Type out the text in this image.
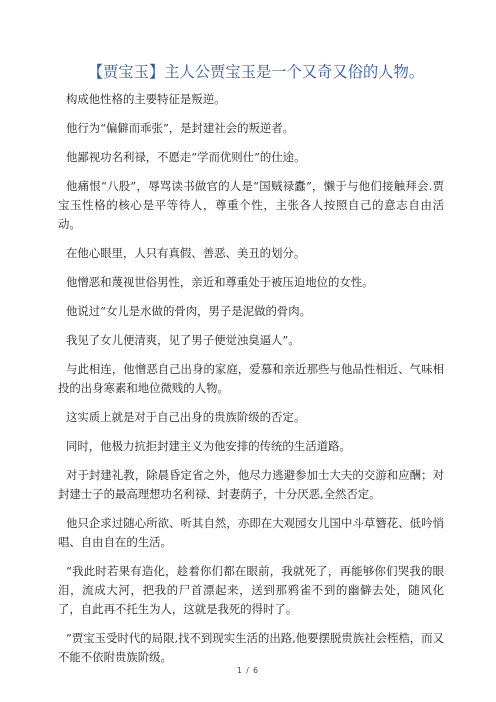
【贾宝玉】主人公贾宝玉是一个又奇又俗的人物。

构成他性格的主要特征是叛逆。

他行为“偏僻而乖张”，是封建社会的叛逆者。

他鄙视功名利禄，不愿走“学而优则仕”的仕途。

他痛恨“八股”，辱骂读书做官的人是“国贼禄蠹”，懒于与他们接触拜会.贾宝玉性格的核心是平等待人，尊重个性，主张各人按照自己的意志自由活动。

在他心眼里，人只有真假、善恶、美丑的划分。

他憎恶和蔑视世俗男性，亲近和尊重处于被压迫地位的女性。

他说过“女儿是水做的骨肉，男子是泥做的骨肉。

我见了女儿便清爽，见了男子便觉浊臭逼人”。

与此相连，他憎恶自己出身的家庭，爱慕和亲近那些与他品性相近、气味相投的出身寒素和地位微贱的人物。

这实质上就是对于自己出身的贵族阶级的否定。

同时，他极力抗拒封建主义为他安排的传统的生活道路。

对于封建礼教，除晨昏定省之外，他尽力逃避参加士大夫的交游和应酬；对封建士子的最高理想功名利禄、封妻荫子，十分厌恶,全然否定。

他只企求过随心所欲、听其自然，亦即在大观园女儿国中斗草簪花、低吟悄唱、自由自在的生活。

“我此时若果有造化，趁着你们都在眼前，我就死了，再能够你们哭我的眼泪，流成大河，把我的尸首漂起来，送到那鸦雀不到的幽僻去处，随风化了，自此再不托生为人，这就是我死的得时了。

”贾宝玉受时代的局限,找不到现实生活的出路,他要摆脱贵族社会桎梏，而又不能不依附贵族阶级。

1 / 6
